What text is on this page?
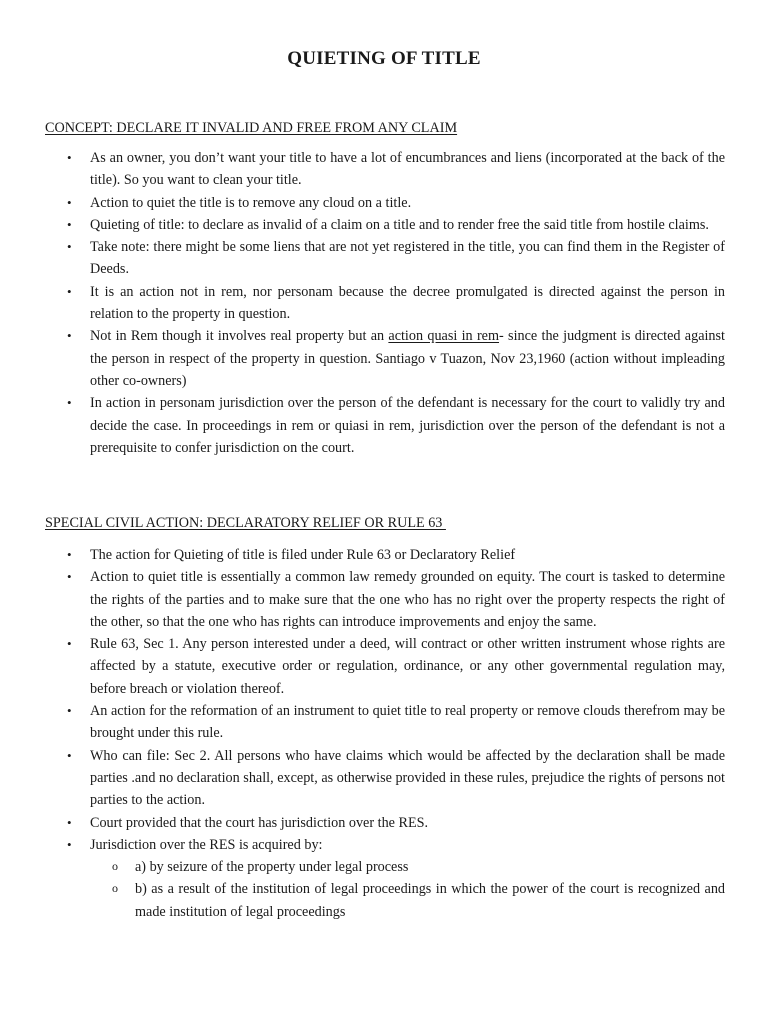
QUIETING OF TITLE
CONCEPT: DECLARE IT INVALID AND FREE FROM ANY CLAIM
• As an owner, you don’t want your title to have a lot of encumbrances and liens (incorporated at the back of the title). So you want to clean your title.
• Action to quiet the title is to remove any cloud on a title.
• Quieting of title: to declare as invalid of a claim on a title and to render free the said title from hostile claims.
• Take note: there might be some liens that are not yet registered in the title, you can find them in the Register of Deeds.
• It is an action not in rem, nor personam because the decree promulgated is directed against the person in relation to the property in question.
• Not in Rem though it involves real property but an action quasi in rem- since the judgment is directed against the person in respect of the property in question. Santiago v Tuazon, Nov 23,1960 (action without impleading other co-owners)
• In action in personam jurisdiction over the person of the defendant is necessary for the court to validly try and decide the case. In proceedings in rem or quiasi in rem, jurisdiction over the person of the defendant is not a prerequisite to confer jurisdiction on the court.
SPECIAL CIVIL ACTION: DECLARATORY RELIEF OR RULE 63
• The action for Quieting of title is filed under Rule 63 or Declaratory Relief
• Action to quiet title is essentially a common law remedy grounded on equity. The court is tasked to determine the rights of the parties and to make sure that the one who has no right over the property respects the right of the other, so that the one who has rights can introduce improvements and enjoy the same.
• Rule 63, Sec 1. Any person interested under a deed, will contract or other written instrument whose rights are affected by a statute, executive order or regulation, ordinance, or any other governmental regulation may, before breach or violation thereof.
• An action for the reformation of an instrument to quiet title to real property or remove clouds therefrom may be brought under this rule.
• Who can file: Sec 2. All persons who have claims which would be affected by the declaration shall be made parties .and no declaration shall, except, as otherwise provided in these rules, prejudice the rights of persons not parties to the action.
• Court provided that the court has jurisdiction over the RES.
• Jurisdiction over the RES is acquired by:
o a) by seizure of the property under legal process
o b) as a result of the institution of legal proceedings in which the power of the court is recognized and made institution of legal proceedings
